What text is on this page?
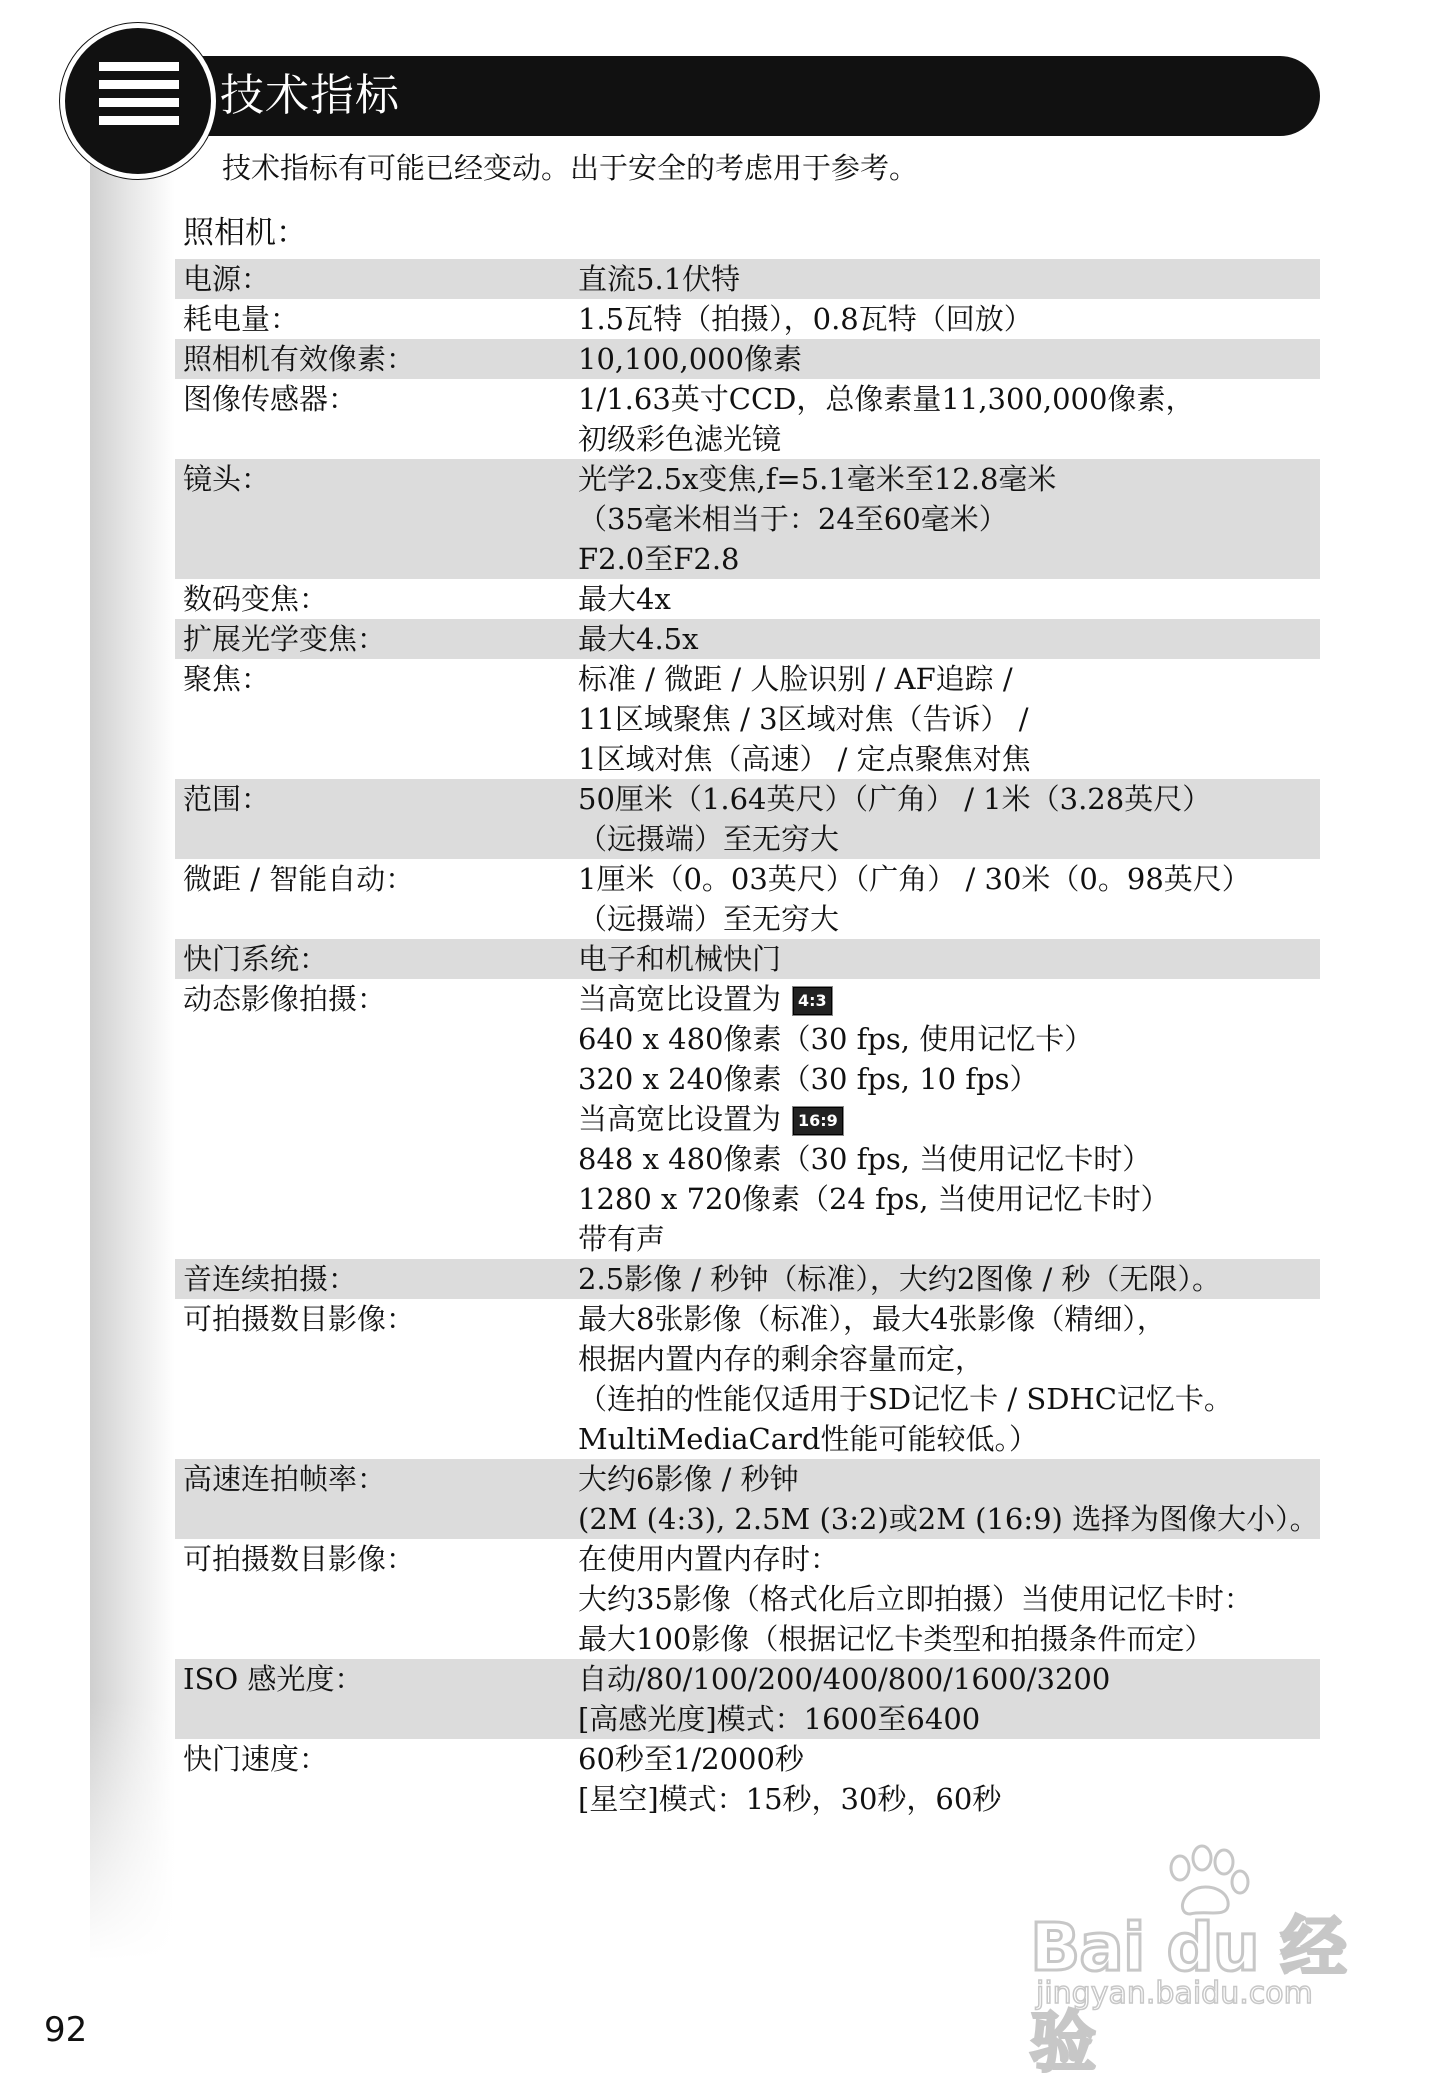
技术指标
技术指标有可能已经变动。出于安全的考虑用于参考。
照相机：
电源：	直流5.1伏特
耗电量：	1.5瓦特（拍摄），0.8瓦特（回放）
照相机有效像素：	10,100,000像素
图像传感器：	1/1.63英寸CCD，总像素量11,300,000像素，
初级彩色滤光镜
镜头：	光学2.5x变焦,f=5.1毫米至12.8毫米
（35毫米相当于：24至60毫米）
F2.0至F2.8
数码变焦：	最大4x
扩展光学变焦：	最大4.5x
聚焦：	标准 / 微距 / 人脸识别 / AF追踪 /
11区域聚焦 / 3区域对焦（告诉） /
1区域对焦（高速） / 定点聚焦对焦
范围：	50厘米（1.64英尺）（广角） / 1米（3.28英尺）
（远摄端）至无穷大
微距 / 智能自动：	1厘米（0。03英尺）（广角） / 30米（0。98英尺）
（远摄端）至无穷大
快门系统：	电子和机械快门
动态影像拍摄：	当高宽比设置为 4:3
640 x 480像素（30 fps, 使用记忆卡）
320 x 240像素（30 fps, 10 fps）
当高宽比设置为 16:9
848 x 480像素（30 fps, 当使用记忆卡时）
1280 x 720像素（24 fps, 当使用记忆卡时）
带有声
音连续拍摄：	2.5影像 / 秒钟（标准），大约2图像 / 秒（无限）。
可拍摄数目影像：	最大8张影像（标准），最大4张影像（精细），
根据内置内存的剩余容量而定，
（连拍的性能仅适用于SD记忆卡 / SDHC记忆卡。
MultiMediaCard性能可能较低。）
高速连拍帧率：	大约6影像 / 秒钟
(2M (4:3), 2.5M (3:2)或2M (16:9) 选择为图像大小）。
可拍摄数目影像：	在使用内置内存时：
大约35影像（格式化后立即拍摄）当使用记忆卡时：
最大100影像（根据记忆卡类型和拍摄条件而定）
ISO 感光度：	自动/80/100/200/400/800/1600/3200
[高感光度]模式：1600至6400
快门速度：	60秒至1/2000秒
[星空]模式：15秒，30秒，60秒
92
Bai du 经验
jingyan.baidu.com
